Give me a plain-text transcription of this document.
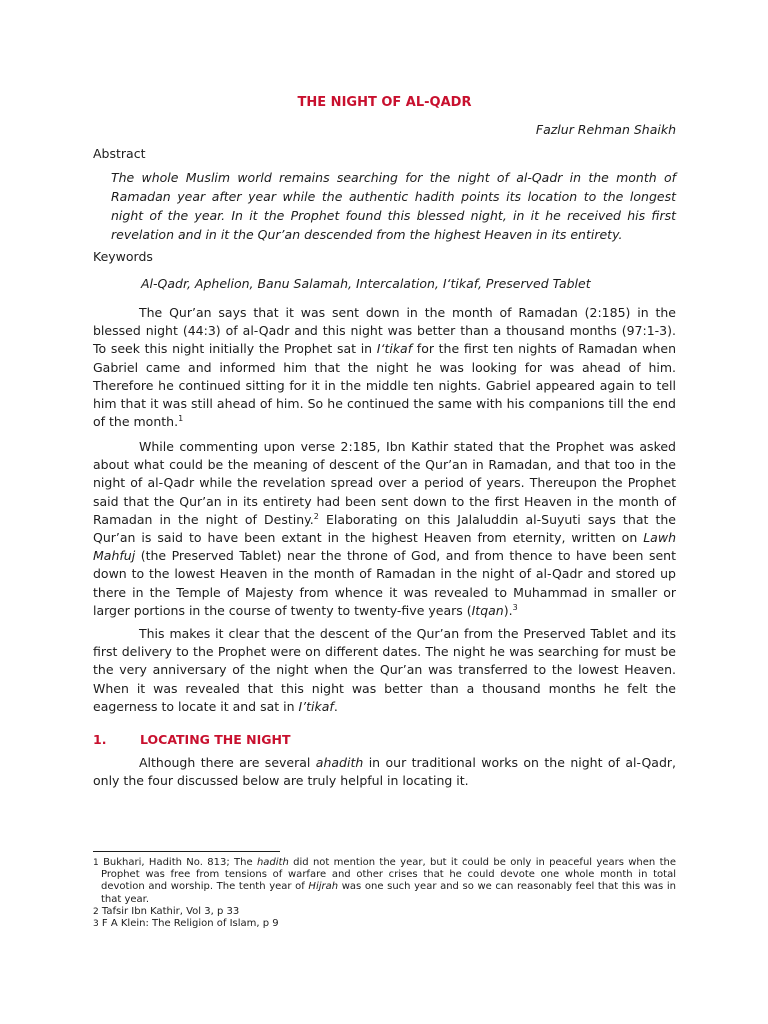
THE NIGHT OF AL-QADR
Fazlur Rehman Shaikh
Abstract

The whole Muslim world remains searching for the night of al-Qadr in the month of Ramadan year after year while the authentic hadith points its location to the longest night of the year. In it the Prophet found this blessed night, in it he received his first revelation and in it the Qur’an descended from the highest Heaven in its entirety.

Keywords
Al-Qadr, Aphelion, Banu Salamah, Intercalation, I‘tikaf, Preserved Tablet

The Qur’an says that it was sent down in the month of Ramadan (2:185) in the blessed night (44:3) of al-Qadr and this night was better than a thousand months (97:1-3). To seek this night initially the Prophet sat in I‘tikaf for the first ten nights of Ramadan when Gabriel came and informed him that the night he was looking for was ahead of him. Therefore he continued sitting for it in the middle ten nights. Gabriel appeared again to tell him that it was still ahead of him. So he continued the same with his companions till the end of the month.$^1$

While commenting upon verse 2:185, Ibn Kathir stated that the Prophet was asked about what could be the meaning of descent of the Qur’an in Ramadan, and that too in the night of al-Qadr while the revelation spread over a period of years. Thereupon the Prophet said that the Qur’an in its entirety had been sent down to the first Heaven in the month of Ramadan in the night of Destiny.$^2$ Elaborating on this Jalaluddin al-Suyuti says that the Qur’an is said to have been extant in the highest Heaven from eternity, written on Lawh Mahfuj (the Preserved Tablet) near the throne of God, and from thence to have been sent down to the lowest Heaven in the month of Ramadan in the night of al-Qadr and stored up there in the Temple of Majesty from whence it was revealed to Muhammad in smaller or larger portions in the course of twenty to twenty-five years (Itqan).$^3$

This makes it clear that the descent of the Qur’an from the Preserved Tablet and its first delivery to the Prophet were on different dates. The night he was searching for must be the very anniversary of the night when the Qur’an was transferred to the lowest Heaven. When it was revealed that this night was better than a thousand months he felt the eagerness to locate it and sat in I’tikaf.

1.	LOCATING THE NIGHT

Although there are several ahadith in our traditional works on the night of al-Qadr, only the four discussed below are truly helpful in locating it.

1 Bukhari, Hadith No. 813; The hadith did not mention the year, but it could be only in peaceful years when the Prophet was free from tensions of warfare and other crises that he could devote one whole month in total devotion and worship. The tenth year of Hijrah was one such year and so we can reasonably feel that this was in that year.

2 Tafsir Ibn Kathir, Vol 3, p 33

3 F A Klein: The Religion of Islam, p 9
